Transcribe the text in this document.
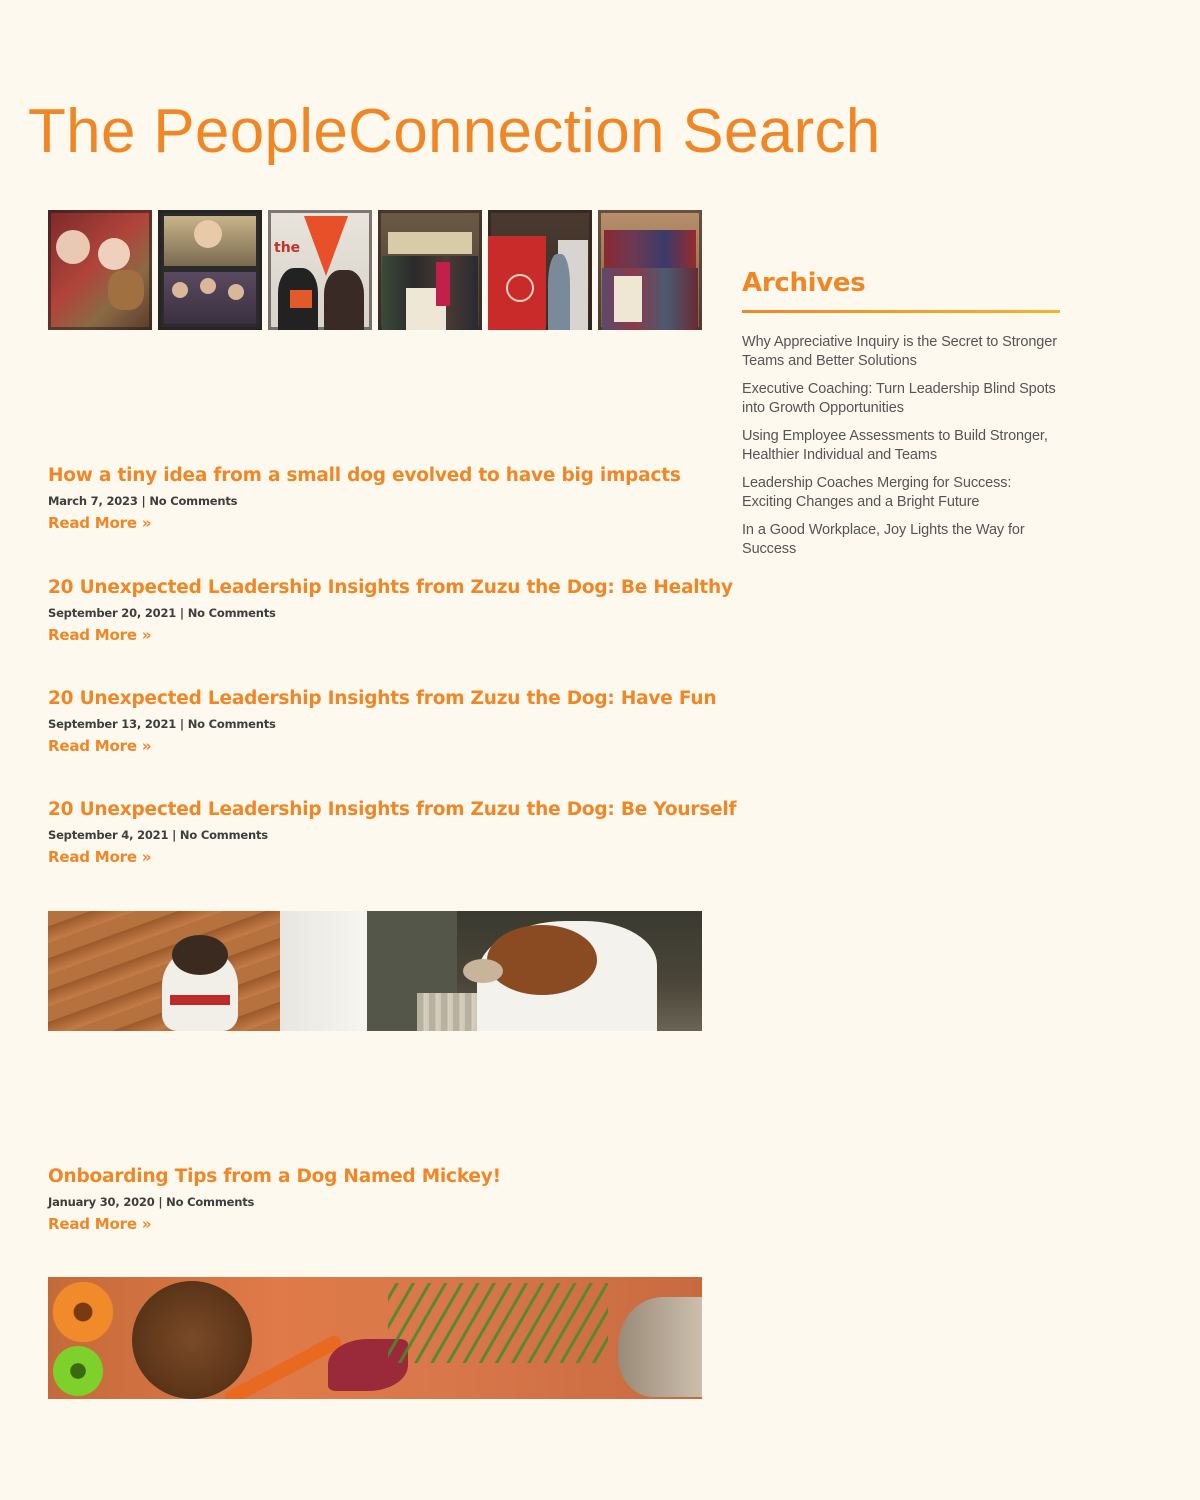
The PeopleConnection Search
the
How a tiny idea from a small dog evolved to have big impacts
March 7, 2023 | No Comments
Read More »
20 Unexpected Leadership Insights from Zuzu the Dog: Be Healthy
September 20, 2021 | No Comments
Read More »
20 Unexpected Leadership Insights from Zuzu the Dog: Have Fun
September 13, 2021 | No Comments
Read More »
20 Unexpected Leadership Insights from Zuzu the Dog: Be Yourself
September 4, 2021 | No Comments
Read More »
Onboarding Tips from a Dog Named Mickey!
January 30, 2020 | No Comments
Read More »
Archives
Why Appreciative Inquiry is the Secret to Stronger Teams and Better Solutions
Executive Coaching: Turn Leadership Blind Spots into Growth Opportunities
Using Employee Assessments to Build Stronger, Healthier Individual and Teams
Leadership Coaches Merging for Success: Exciting Changes and a Bright Future
In a Good Workplace, Joy Lights the Way for Success
